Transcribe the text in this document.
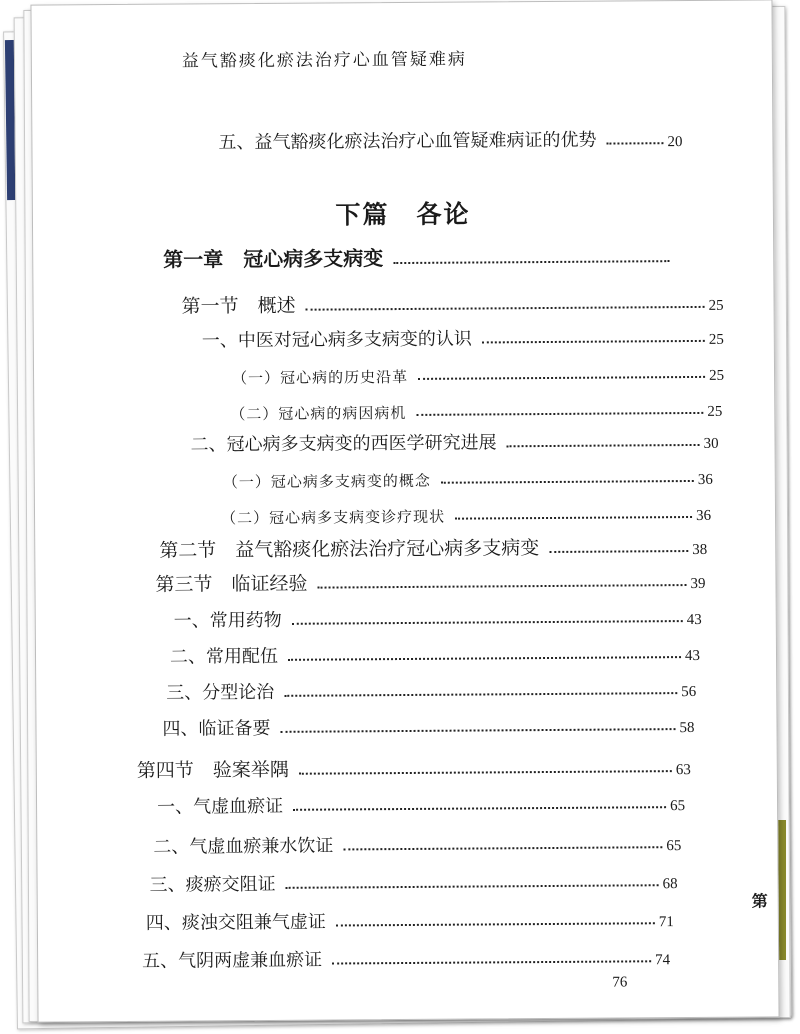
益气豁痰化瘀法治疗心血管疑难病
第
五、益气豁痰化瘀法治疗心血管疑难病证的优势	20
下篇　各论
第一章　冠心病多支病变
第一节　概述	25
一、中医对冠心病多支病变的认识	25
（一）冠心病的历史沿革	25
（二）冠心病的病因病机	25
二、冠心病多支病变的西医学研究进展	30
（一）冠心病多支病变的概念	36
（二）冠心病多支病变诊疗现状	36
第二节　益气豁痰化瘀法治疗冠心病多支病变	38
第三节　临证经验	39
一、常用药物	43
二、常用配伍	43
三、分型论治	56
四、临证备要	58
第四节　验案举隅	63
一、气虚血瘀证	65
二、气虚血瘀兼水饮证	65
三、痰瘀交阻证	68
四、痰浊交阻兼气虚证	71
五、气阴两虚兼血瘀证	74
76
